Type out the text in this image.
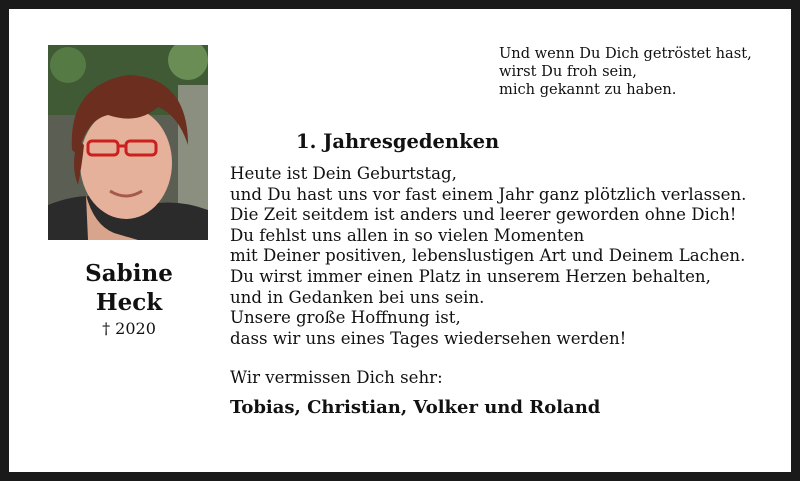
Sabine
Heck
† 2020
Und wenn Du Dich getröstet hast,
wirst Du froh sein,
mich gekannt zu haben.
1. Jahresgedenken
Heute ist Dein Geburtstag,
und Du hast uns vor fast einem Jahr ganz plötzlich verlassen.
Die Zeit seitdem ist anders und leerer geworden ohne Dich!
Du fehlst uns allen in so vielen Momenten
mit Deiner positiven, lebenslustigen Art und Deinem Lachen.
Du wirst immer einen Platz in unserem Herzen behalten,
und in Gedanken bei uns sein.
Unsere große Hoffnung ist,
dass wir uns eines Tages wiedersehen werden!
Wir vermissen Dich sehr:
Tobias, Christian, Volker und Roland
